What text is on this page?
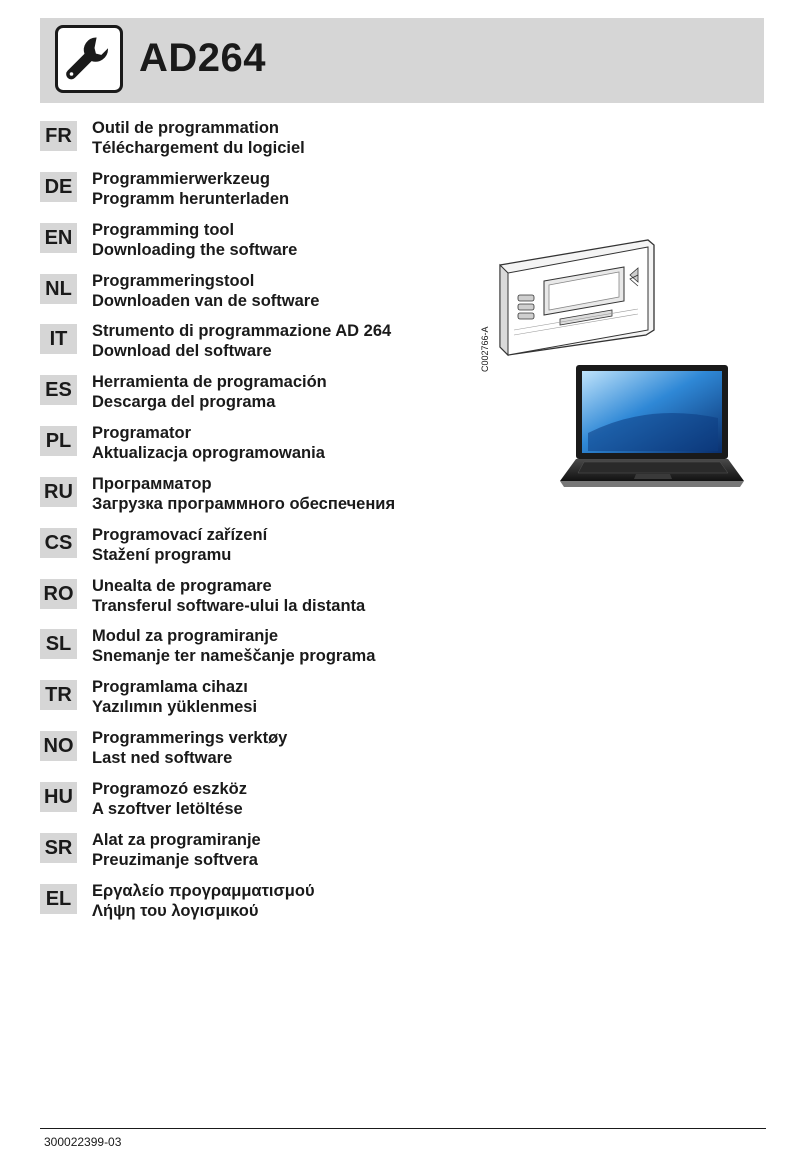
AD264
FR	Outil de programmation
Téléchargement du logiciel
DE Programmierwerkzeug
Programm herunterladen
EN Programming tool
Downloading the software
NL	Programmeringstool
Downloaden van de software
IT	Strumento di programmazione AD 264
Download del software
ES	Herramienta de programación
Descarga del programa
PL	Programator
Aktualizacja oprogramowania
RU Программатор
Загрузка программного обеспечения
CS Programovací zařízení
Stažení programu
RO Unealta de programare
Transferul software-ului la distanta
SL	Modul za programiranje
Snemanje ter nameščanje programa
TR	Programlama cihazı
Yazılımın yüklenmesi
NO Programmerings verktøy
Last ned software
HU Programozó eszköz
A szoftver letöltése
SR Alat za programiranje
Preuzimanje softvera
EL	Εργαλείο προγραμματισμού
Λήψη του λογισμικού
C002766-A
300022399-03
